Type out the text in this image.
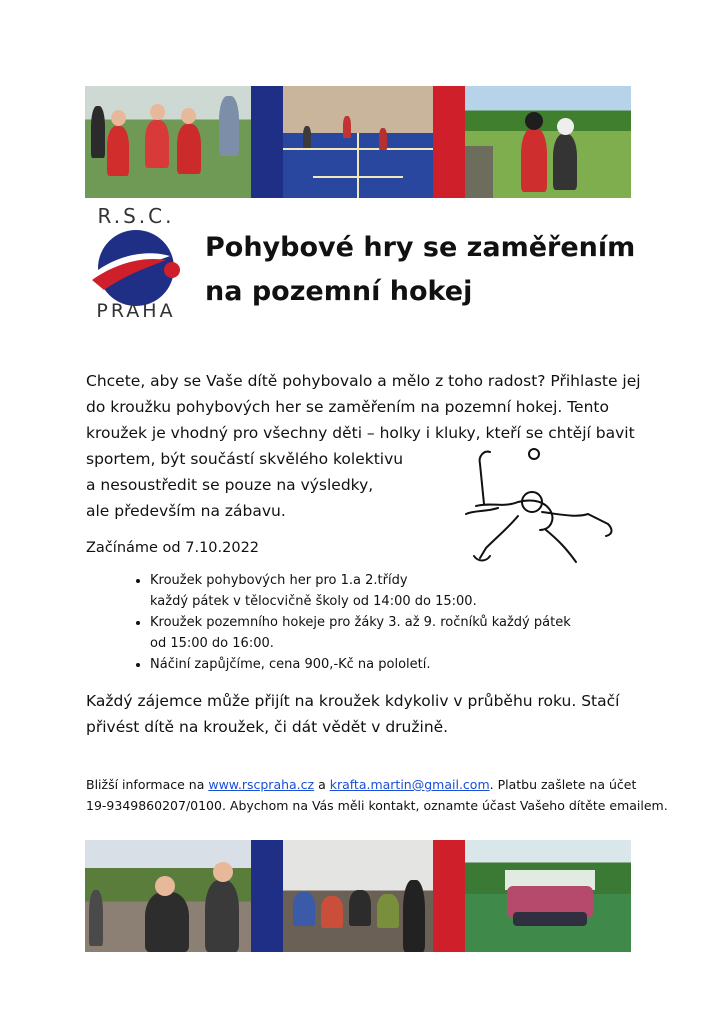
R.S.C.
PRAHA
Pohybové hry se zaměřením
na pozemní hokej

Chcete, aby se Vaše dítě pohybovalo a mělo z toho radost? Přihlaste jej
do kroužku pohybových her se zaměřením na pozemní hokej. Tento
kroužek je vhodný pro všechny děti – holky i kluky, kteří se chtějí bavit
sportem, být součástí skvělého kolektivu
a nesoustředit se pouze na výsledky,
ale především na zábavu.

Začínáme od 7.10.2022

• Kroužek pohybových her pro 1.a 2.třídy
každý pátek v tělocvičně školy od 14:00 do 15:00.
• Kroužek pozemního hokeje pro žáky 3. až 9. ročníků každý pátek
od 15:00 do 16:00.
• Náčiní zapůjčíme, cena 900,-Kč na pololetí.

Každý zájemce může přijít na kroužek kdykoliv v průběhu roku. Stačí
přivést dítě na kroužek, či dát vědět v družině.

Bližší informace na www.rscpraha.cz a krafta.martin@gmail.com. Platbu zašlete na účet
19-9349860207/0100. Abychom na Vás měli kontakt, oznamte účast Vašeho dítěte emailem.
